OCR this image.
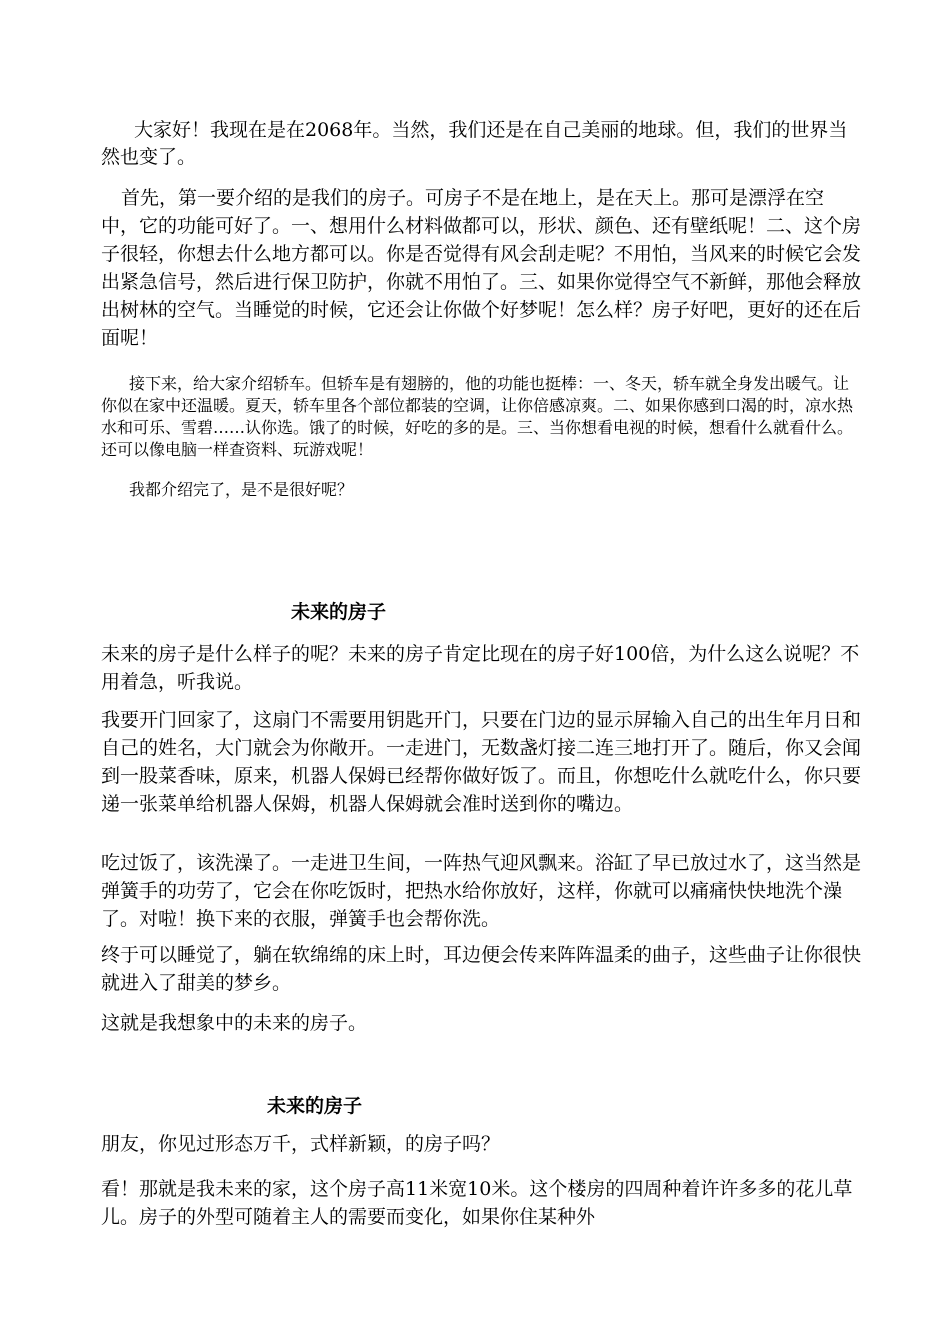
大家好！我现在是在2068年。当然，我们还是在自己美丽的地球。但，我们的世界当然也变了。

首先，第一要介绍的是我们的房子。可房子不是在地上，是在天上。那可是漂浮在空中，它的功能可好了。一、想用什么材料做都可以，形状、颜色、还有壁纸呢！二、这个房子很轻，你想去什么地方都可以。你是否觉得有风会刮走呢？不用怕，当风来的时候它会发出紧急信号，然后进行保卫防护，你就不用怕了。三、如果你觉得空气不新鲜，那他会释放出树林的空气。当睡觉的时候，它还会让你做个好梦呢！怎么样？房子好吧，更好的还在后面呢！

接下来，给大家介绍轿车。但轿车是有翅膀的，他的功能也挺棒：一、冬天，轿车就全身发出暖气。让你似在家中还温暖。夏天，轿车里各个部位都装的空调，让你倍感凉爽。二、如果你感到口渴的时，凉水热水和可乐、雪碧……认你选。饿了的时候，好吃的多的是。三、当你想看电视的时候，想看什么就看什么。还可以像电脑一样查资料、玩游戏呢！

我都介绍完了，是不是很好呢？

未来的房子

未来的房子是什么样子的呢？未来的房子肯定比现在的房子好100倍，为什么这么说呢？不用着急，听我说。

我要开门回家了，这扇门不需要用钥匙开门，只要在门边的显示屏输入自己的出生年月日和自己的姓名，大门就会为你敞开。一走进门，无数盏灯接二连三地打开了。随后，你又会闻到一股菜香味，原来，机器人保姆已经帮你做好饭了。而且，你想吃什么就吃什么，你只要递一张菜单给机器人保姆，机器人保姆就会准时送到你的嘴边。

吃过饭了，该洗澡了。一走进卫生间，一阵热气迎风飘来。浴缸了早已放过水了，这当然是弹簧手的功劳了，它会在你吃饭时，把热水给你放好，这样，你就可以痛痛快快地洗个澡了。对啦！换下来的衣服，弹簧手也会帮你洗。

终于可以睡觉了，躺在软绵绵的床上时，耳边便会传来阵阵温柔的曲子，这些曲子让你很快就进入了甜美的梦乡。

这就是我想象中的未来的房子。

未来的房子

朋友，你见过形态万千，式样新颖，的房子吗？

看！那就是我未来的家，这个房子高11米宽10米。这个楼房的四周种着许许多多的花儿草儿。房子的外型可随着主人的需要而变化，如果你住某种外
